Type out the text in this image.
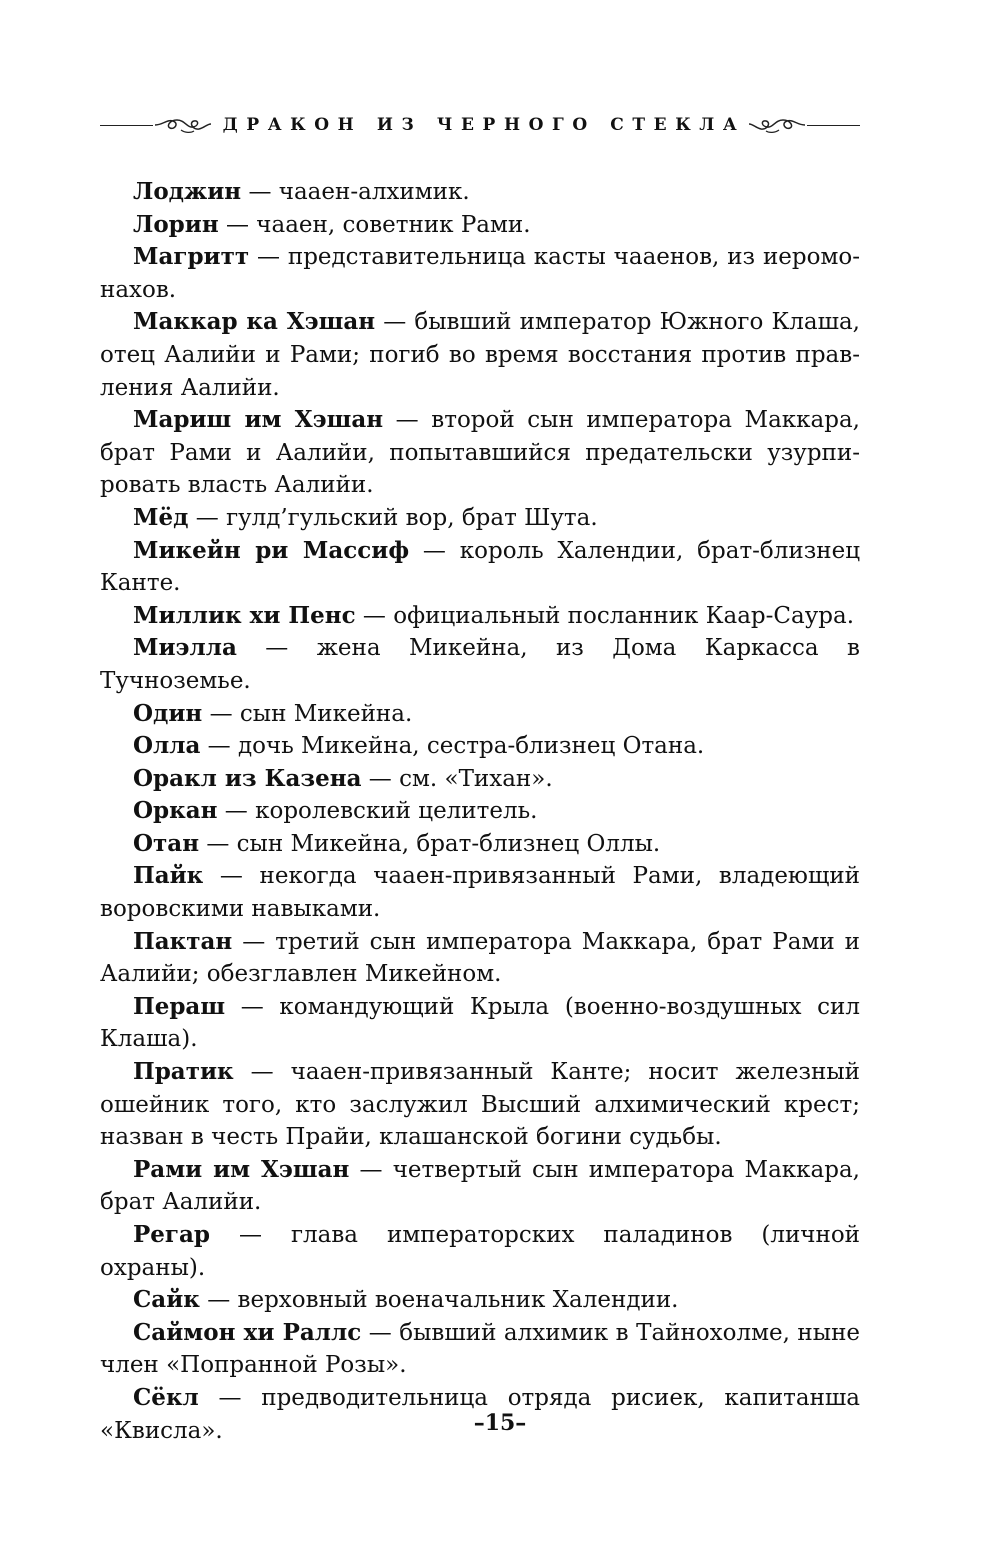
ДРАКОН ИЗ ЧЕРНОГО СТЕКЛА

Лоджин — чааен-алхимик.

Лорин — чааен, советник Рами.

Магритт — представительница касты чааенов, из иеромонахов.

Маккар ка Хэшан — бывший император Южного Клаша, отец Аалийи и Рами; погиб во время восстания против правления Аалийи.

Мариш им Хэшан — второй сын императора Маккара, брат Рами и Аалийи, попытавшийся предательски узурпировать власть Аалийи.

Мёд — гулд’гульский вор, брат Шута.

Микейн ри Массиф — король Халендии, брат-близнец Канте.

Миллик хи Пенс — официальный посланник Каар-Саура.

Миэлла — жена Микейна, из Дома Каркасса в Тучноземье.

Один — сын Микейна.

Олла — дочь Микейна, сестра-близнец Отана.

Оракл из Казена — см. «Тихан».

Оркан — королевский целитель.

Отан — сын Микейна, брат-близнец Оллы.

Пайк — некогда чааен-привязанный Рами, владеющий воровскими навыками.

Пактан — третий сын императора Маккара, брат Рами и Аалийи; обезглавлен Микейном.

Пераш — командующий Крыла (военно-воздушных сил Клаша).

Пратик — чааен-привязанный Канте; носит железный ошейник того, кто заслужил Высший алхимический крест; назван в честь Прайи, клашанской богини судьбы.

Рами им Хэшан — четвертый сын императора Маккара, брат Аалийи.

Регар — глава императорских паладинов (личной охраны).

Сайк — верховный военачальник Халендии.

Саймон хи Раллс — бывший алхимик в Тайнохолме, ныне член «Попранной Розы».

Сёкл — предводительница отряда рисиек, капитанша «Квисла».	–15–
